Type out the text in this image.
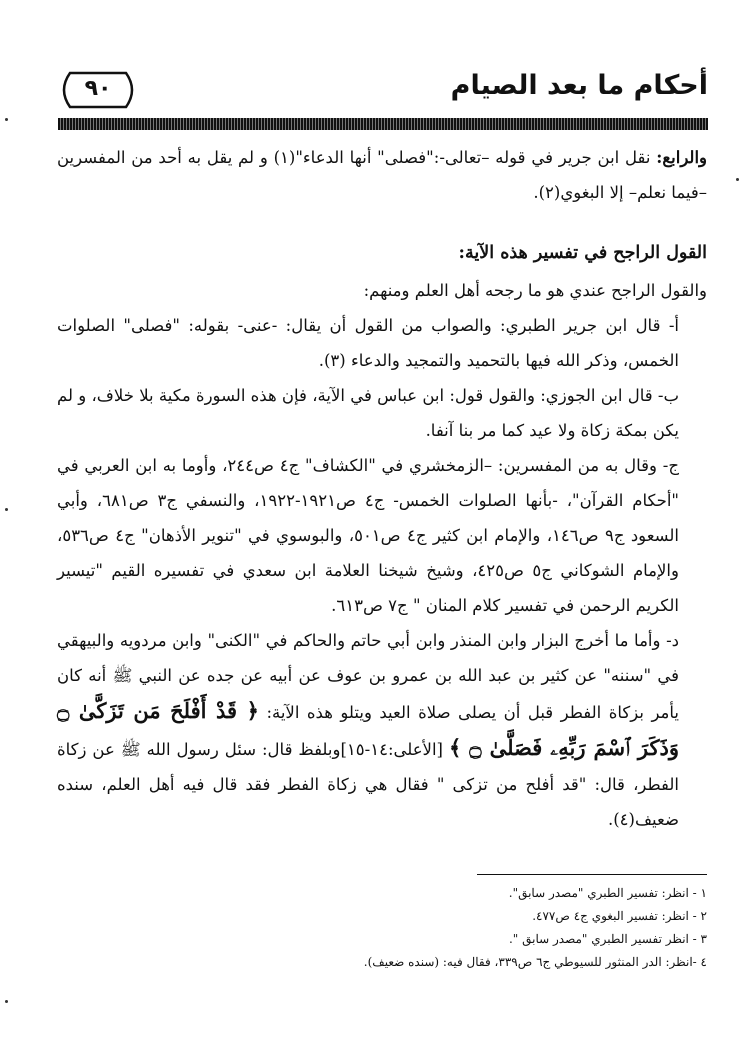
أحكام ما بعد الصيام
٩٠

والرابع: نقل ابن جرير في قوله –تعالى-:"فصلى" أنها الدعاء"(١) و لم يقل به أحد من المفسرين –فيما نعلم– إلا البغوي(٢).

القول الراجح في تفسير هذه الآية:

والقول الراجح عندي هو ما رجحه أهل العلم ومنهم:

أ- قال ابن جرير الطبري: والصواب من القول أن يقال: -عنى- بقوله: "فصلى" الصلوات الخمس، وذكر الله فيها بالتحميد والتمجيد والدعاء (٣).

ب- قال ابن الجوزي: والقول قول: ابن عباس في الآية، فإن هذه السورة مكية بلا خلاف، و لم يكن بمكة زكاة ولا عيد كما مر بنا آنفا.

ج- وقال به من المفسرين: –الزمخشري في "الكشاف" ج٤ ص٢٤٤، وأوما به ابن العربي في "أحكام القرآن"، -بأنها الصلوات الخمس- ج٤ ص١٩٢١-١٩٢٢، والنسفي ج٣ ص٦٨١، وأبي السعود ج٩ ص١٤٦، والإمام ابن كثير ج٤ ص٥٠١، والبوسوي في "تنوير الأذهان" ج٤ ص٥٣٦، والإمام الشوكاني ج٥ ص٤٢٥، وشيخ شيخنا العلامة ابن سعدي في تفسيره القيم "تيسير الكريم الرحمن في تفسير كلام المنان " ج٧ ص٦١٣.

د- وأما ما أخرج البزار وابن المنذر وابن أبي حاتم والحاكم في "الكنى" وابن مردويه والبيهقي في "سننه" عن كثير بن عبد الله بن عمرو بن عوف عن أبيه عن جده عن النبي ﷺ أنه كان يأمر بزكاة الفطر قبل أن يصلى صلاة العيد ويتلو هذه الآية: ﴿ قَدْ أَفْلَحَ مَن تَزَكَّىٰ ۝ وَذَكَرَ ٱسْمَ رَبِّهِۦ فَصَلَّىٰ ۝ ﴾ [الأعلى:١٤-١٥]وبلفظ قال: سئل رسول الله ﷺ عن زكاة الفطر، قال: "قد أفلح من تزكى " فقال هي زكاة الفطر فقد قال فيه أهل العلم، سنده ضعيف(٤).

١ - انظر: تفسير الطبري "مصدر سابق".

٢ - انظر: تفسير البغوي ج٤ ص٤٧٧.

٣ - انظر تفسير الطبري "مصدر سابق ".

٤ -انظر: الدر المنثور للسيوطي ج٦ ص٣٣٩، فقال فيه: (سنده ضعيف).
